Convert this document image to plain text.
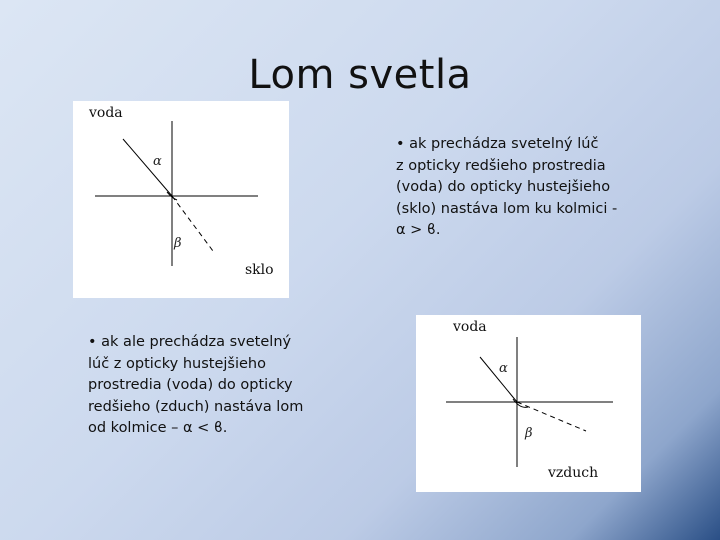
Lom svetla
voda
α
β
sklo
• ak prechádza svetelný lúč
z opticky redšieho prostredia
(voda) do opticky hustejšieho
(sklo) nastáva lom ku kolmici -
α > ϐ.
• ak ale prechádza svetelný
lúč z opticky hustejšieho
prostredia (voda) do opticky
redšieho (zduch) nastáva lom
od kolmice – α < ϐ.
voda
α
β
vzduch
